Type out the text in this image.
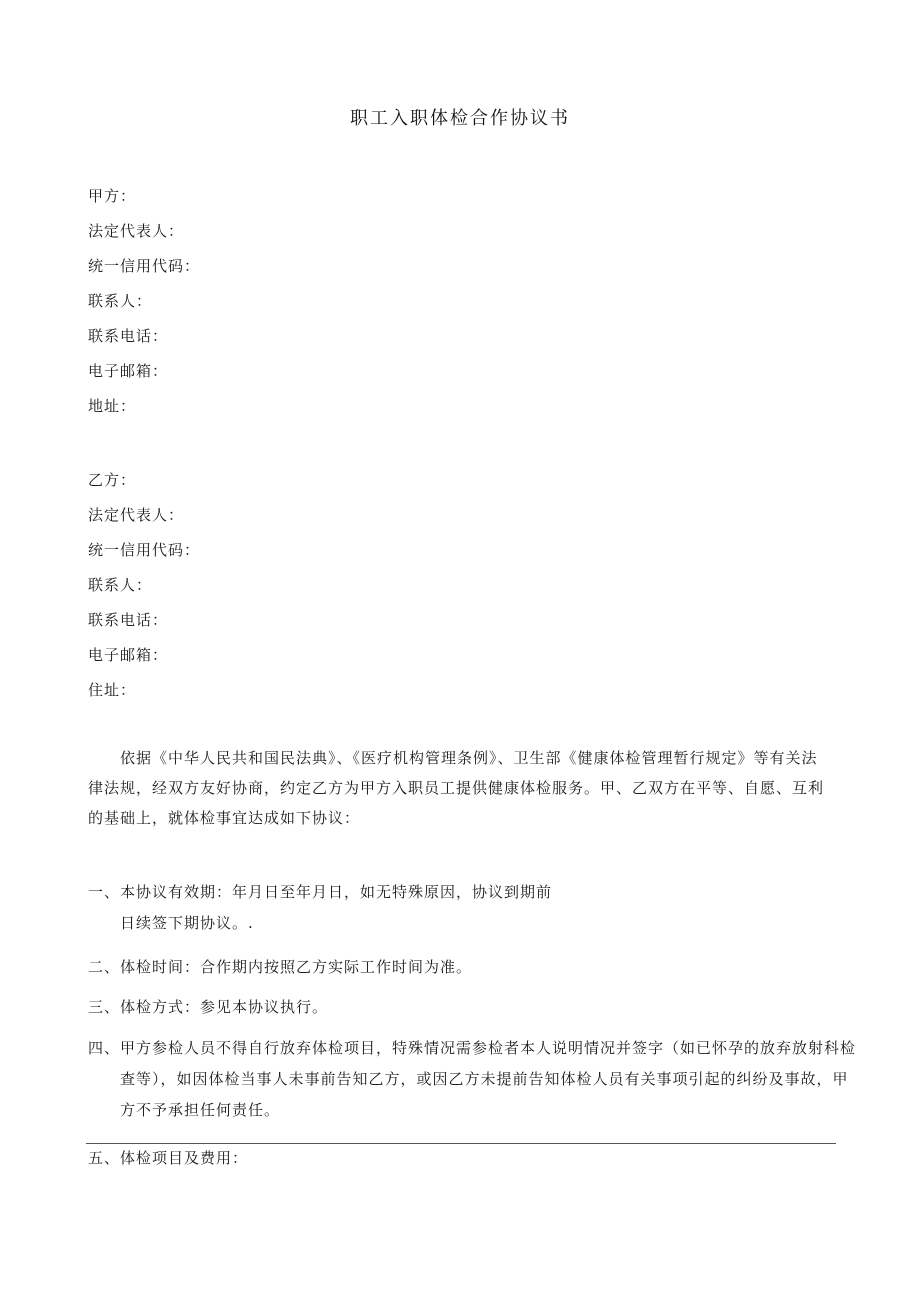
职工入职体检合作协议书
甲方：
法定代表人：
统一信用代码：
联系人：
联系电话：
电子邮箱：
地址：
乙方：
法定代表人：
统一信用代码：
联系人：
联系电话：
电子邮箱：
住址：

依据《中华人民共和国民法典》、《医疗机构管理条例》、卫生部《健康体检管理暂行规定》等有关法律法规，经双方友好协商，约定乙方为甲方入职员工提供健康体检服务。甲、乙双方在平等、自愿、互利的基础上，就体检事宜达成如下协议：

一、本协议有效期：年月日至年月日，如无特殊原因，协议到期前日续签下期协议。.
二、体检时间：合作期内按照乙方实际工作时间为准。
三、体检方式：参见本协议执行。
四、甲方参检人员不得自行放弃体检项目，特殊情况需参检者本人说明情况并签字（如已怀孕的放弃放射科检查等），如因体检当事人未事前告知乙方，或因乙方未提前告知体检人员有关事项引起的纠纷及事故，甲方不予承担任何责任。
五、体检项目及费用：
